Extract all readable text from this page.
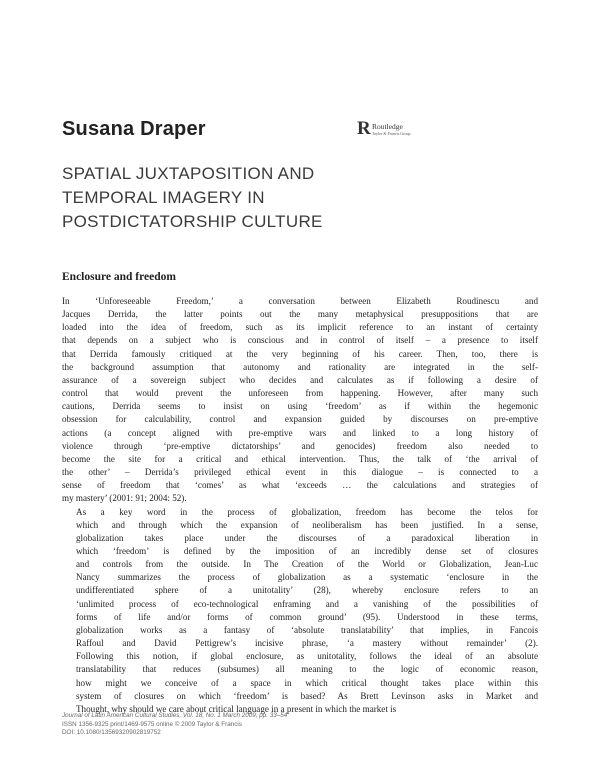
Susana Draper	R Routledge
Taylor & Francis Group
SPATIAL JUXTAPOSITION AND
TEMPORAL IMAGERY IN
POSTDICTATORSHIP CULTURE
Enclosure and freedom

In ‘Unforeseeable Freedom,’ a conversation between Elizabeth Roudinescu and
Jacques Derrida, the latter points out the many metaphysical presuppositions that are
loaded into the idea of freedom, such as its implicit reference to an instant of certainty
that depends on a subject who is conscious and in control of itself – a presence to itself
that Derrida famously critiqued at the very beginning of his career. Then, too, there is
the background assumption that autonomy and rationality are integrated in the self-
assurance of a sovereign subject who decides and calculates as if following a desire of
control that would prevent the unforeseen from happening. However, after many such
cautions, Derrida seems to insist on using ‘freedom’ as if within the hegemonic
obsession for calculability, control and expansion guided by discourses on pre-emptive
actions (a concept aligned with pre-emptive wars and linked to a long history of
violence through ‘pre-emptive dictatorships’ and genocides) freedom also needed to
become the site for a critical and ethical intervention. Thus, the talk of ‘the arrival of
the other’ – Derrida’s privileged ethical event in this dialogue – is connected to a
sense of freedom that ‘comes’ as what ‘exceeds … the calculations and strategies of
my mastery’ (2001: 91; 2004: 52).

As a key word in the process of globalization, freedom has become the telos for
which and through which the expansion of neoliberalism has been justified. In a sense,
globalization takes place under the discourses of a paradoxical liberation in
which ‘freedom’ is defined by the imposition of an incredibly dense set of closures
and controls from the outside. In The Creation of the World or Globalization, Jean-Luc
Nancy summarizes the process of globalization as a systematic ‘enclosure in the
undifferentiated sphere of a unitotality’ (28), whereby enclosure refers to an
‘unlimited process of eco-technological enframing and a vanishing of the possibilities of
forms of life and/or forms of common ground’ (95). Understood in these terms,
globalization works as a fantasy of ‘absolute translatability’ that implies, in Fancois
Raffoul and David Pettigrew’s incisive phrase, ‘a mastery without remainder’ (2).
Following this notion, if global enclosure, as unitotality, follows the ideal of an absolute
translatability that reduces (subsumes) all meaning to the logic of economic reason,
how might we conceive of a space in which critical thought takes place within this
system of closures on which ‘freedom’ is based? As Brett Levinson asks in Market and
Thought, why should we care about critical language in a present in which the market is

Journal of Latin American Cultural Studies, Vol. 18, No. 1 March 2009, pp. 33–54
ISSN 1356-9325 print/1469-9575 online © 2009 Taylor & Francis
DOI: 10.1080/13569320902819752
